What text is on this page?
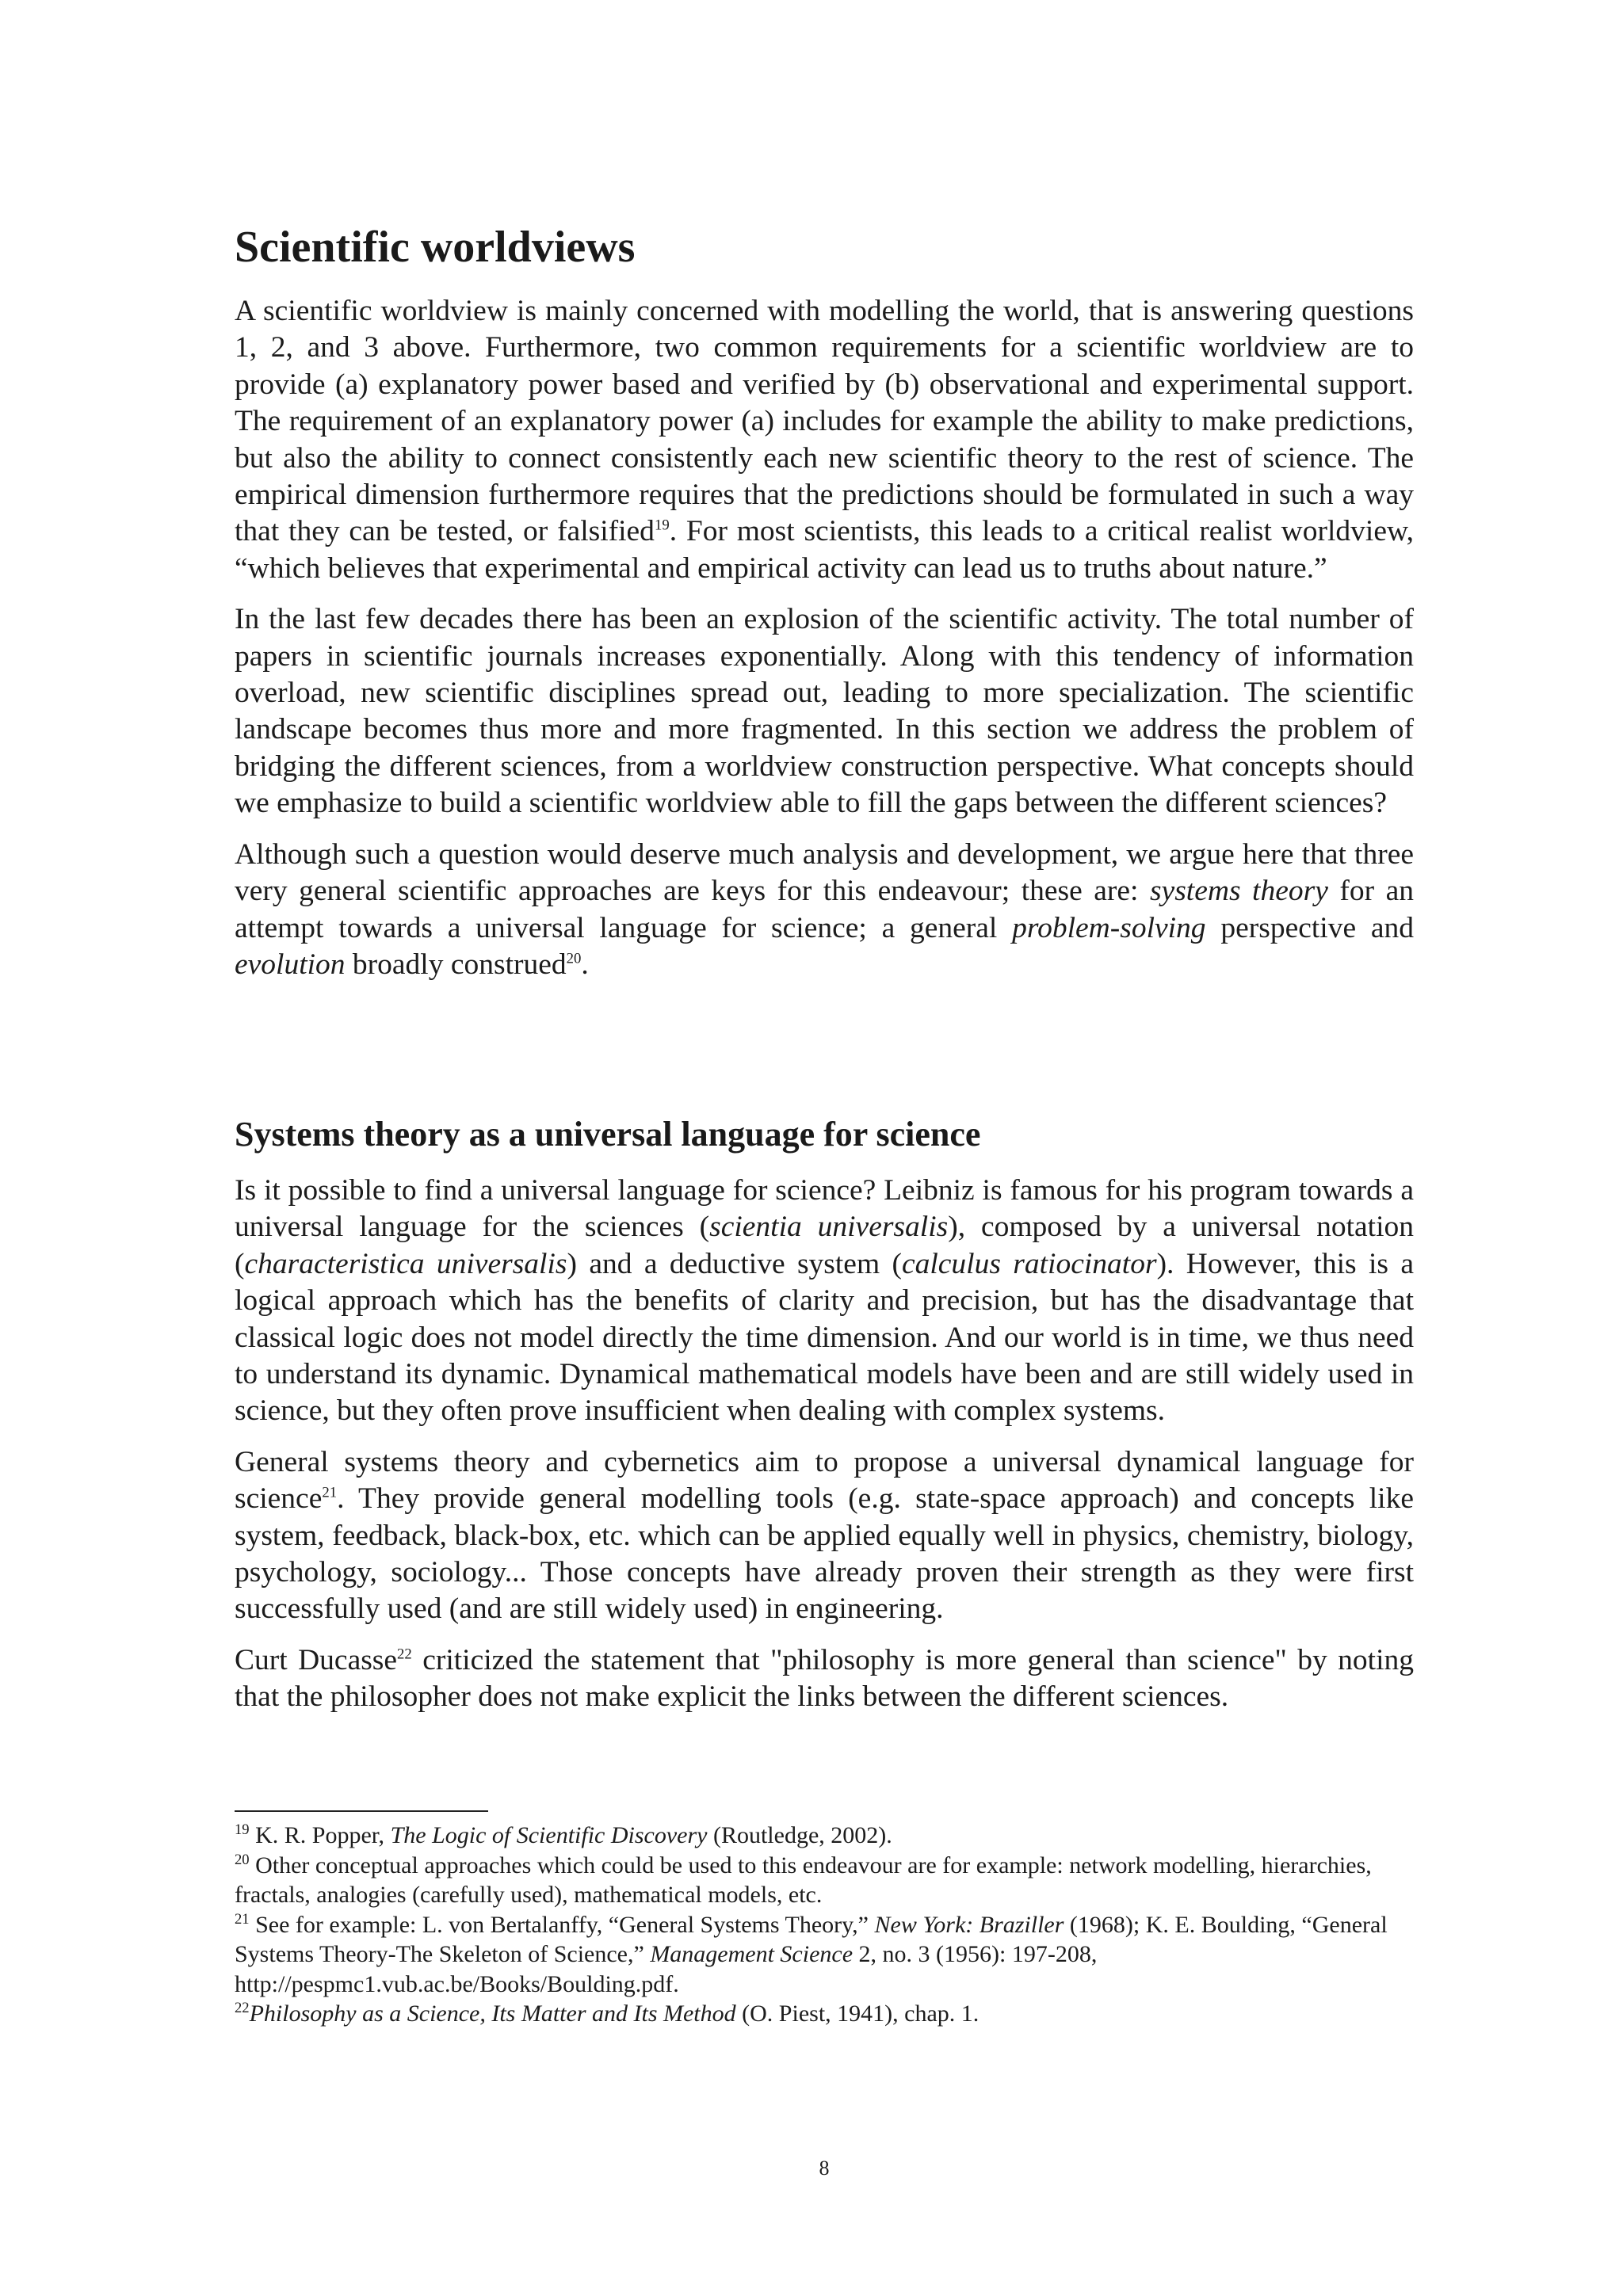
Scientific worldviews

A scientific worldview is mainly concerned with modelling the world, that is answering questions 1, 2, and 3 above. Furthermore, two common requirements for a scientific worldview are to provide (a) explanatory power based and verified by (b) observational and experimental support. The requirement of an explanatory power (a) includes for example the ability to make predictions, but also the ability to connect consistently each new scientific theory to the rest of science. The empirical dimension furthermore requires that the predictions should be formulated in such a way that they can be tested, or falsified$^{19}$. For most scientists, this leads to a critical realist worldview, “which believes that experimental and empirical activity can lead us to truths about nature.”

In the last few decades there has been an explosion of the scientific activity. The total number of papers in scientific journals increases exponentially. Along with this tendency of information overload, new scientific disciplines spread out, leading to more specialization. The scientific landscape becomes thus more and more fragmented. In this section we address the problem of bridging the different sciences, from a worldview construction perspective. What concepts should we emphasize to build a scientific worldview able to fill the gaps between the different sciences?

Although such a question would deserve much analysis and development, we argue here that three very general scientific approaches are keys for this endeavour; these are: systems theory for an attempt towards a universal language for science; a general problem-solving perspective and evolution broadly construed$^{20}$.

Systems theory as a universal language for science

Is it possible to find a universal language for science? Leibniz is famous for his program towards a universal language for the sciences (scientia universalis), composed by a universal notation (characteristica universalis) and a deductive system (calculus ratiocinator). However, this is a logical approach which has the benefits of clarity and precision, but has the disadvantage that classical logic does not model directly the time dimension. And our world is in time, we thus need to understand its dynamic. Dynamical mathematical models have been and are still widely used in science, but they often prove insufficient when dealing with complex systems.

General systems theory and cybernetics aim to propose a universal dynamical language for science$^{21}$. They provide general modelling tools (e.g. state-space approach) and concepts like system, feedback, black-box, etc. which can be applied equally well in physics, chemistry, biology, psychology, sociology... Those concepts have already proven their strength as they were first successfully used (and are still widely used) in engineering.

Curt Ducasse$^{22}$ criticized the statement that "philosophy is more general than science" by noting that the philosopher does not make explicit the links between the different sciences.

$^{19}$ K. R. Popper, The Logic of Scientific Discovery (Routledge, 2002).

$^{20}$ Other conceptual approaches which could be used to this endeavour are for example: network modelling, hierarchies, fractals, analogies (carefully used), mathematical models, etc.

$^{21}$ See for example: L. von Bertalanffy, “General Systems Theory,” New York: Braziller (1968); K. E. Boulding, “General Systems Theory-The Skeleton of Science,” Management Science 2, no. 3 (1956): 197-208, http://pespmc1.vub.ac.be/Books/Boulding.pdf.

$^{22}$Philosophy as a Science, Its Matter and Its Method (O. Piest, 1941), chap. 1.

8
